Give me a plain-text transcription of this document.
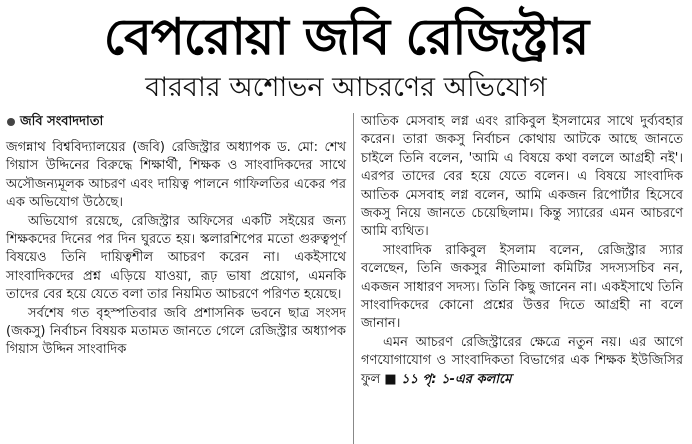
বেপরোয়া জবি রেজিস্ট্রার
বারবার অশোভন আচরণের অভিযোগ
জবি সংবাদদাতা

জগন্নাথ বিশ্ববিদ্যালয়ের (জবি) রেজিস্ট্রার অধ্যাপক ড. মো: শেখ গিয়াস উদ্দিনের বিরুদ্ধে শিক্ষার্থী, শিক্ষক ও সাংবাদিকদের সাথে অসৌজন্যমূলক আচরণ এবং দায়িত্ব পালনে গাফিলতির একের পর এক অভিযোগ উঠেছে।

অভিযোগ রয়েছে, রেজিস্ট্রার অফিসের একটি সইয়ের জন্য শিক্ষকদের দিনের পর দিন ঘুরতে হয়। স্কলারশিপের মতো গুরুত্বপূর্ণ বিষয়েও তিনি দায়িত্বশীল আচরণ করেন না। একইসাথে সাংবাদিকদের প্রশ্ন এড়িয়ে যাওয়া, রূঢ় ভাষা প্রয়োগ, এমনকি তাদের বের হয়ে যেতে বলা তার নিয়মিত আচরণে পরিণত হয়েছে।

সর্বশেষ গত বৃহস্পতিবার জবি প্রশাসনিক ভবনে ছাত্র সংসদ (জকসু) নির্বাচন বিষয়ক মতামত জানতে গেলে রেজিস্ট্রার অধ্যাপক গিয়াস উদ্দিন সাংবাদিক

আতিক মেসবাহ লগ্ন এবং রাকিবুল ইসলামের সাথে দুর্ব্যবহার করেন। তারা জকসু নির্বাচন কোথায় আটকে আছে জানতে চাইলে তিনি বলেন, 'আমি এ বিষয়ে কথা বললে আগ্রহী নই'। এরপর তাদের বের হয়ে যেতে বলেন। এ বিষয়ে সাংবাদিক আতিক মেসবাহ লগ্ন বলেন, আমি একজন রিপোর্টার হিসেবে জকসু নিয়ে জানতে চেয়েছিলাম। কিন্তু স্যারের এমন আচরণে আমি ব্যথিত।

সাংবাদিক রাকিবুল ইসলাম বলেন, রেজিস্ট্রার স্যার বলেছেন, তিনি জকসুর নীতিমালা কমিটির সদস্যসচিব নন, একজন সাধারণ সদস্য। তিনি কিছু জানেন না। একইসাথে তিনি সাংবাদিকদের কোনো প্রশ্নের উত্তর দিতে আগ্রহী না বলে জানান।

এমন আচরণ রেজিস্ট্রারের ক্ষেত্রে নতুন নয়। এর আগে গণযোগাযোগ ও সাংবাদিকতা বিভাগের এক শিক্ষক ইউজিসির ফুল ■ ১১ পৃ: ১-এর কলামে
